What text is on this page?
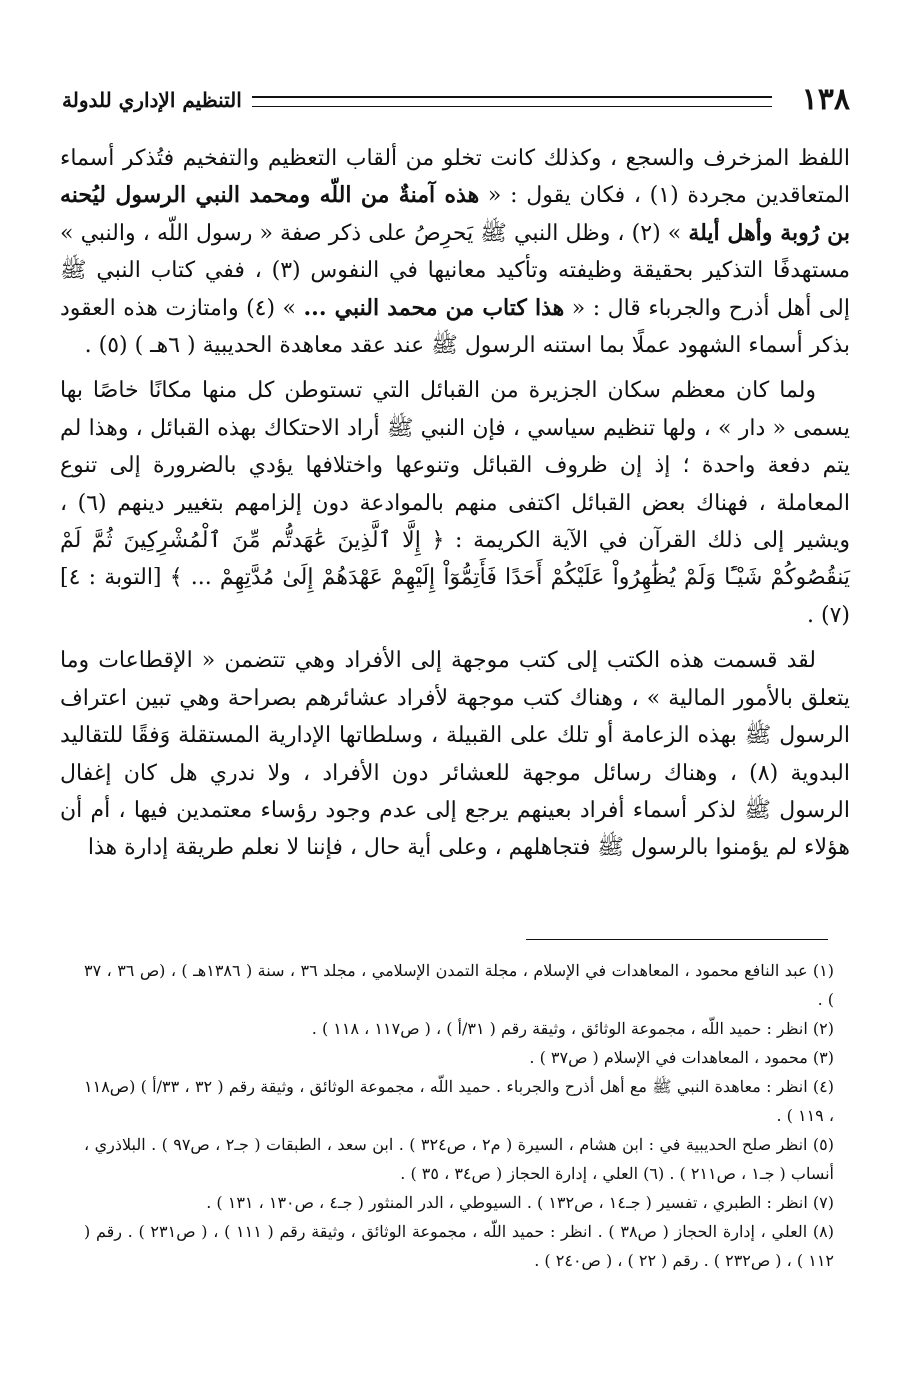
١٣٨
التنظيم الإداري للدولة

اللفظ المزخرف والسجع ، وكذلك كانت تخلو من ألقاب التعظيم والتفخيم فتُذكر أسماء المتعاقدين مجردة (١) ، فكان يقول : « هذه آمنةٌ من اللّه ومحمد النبي الرسول ليُحنه بن رُوبة وأهل أيلة » (٢) ، وظل النبي ﷺ يَحرِصُ على ذكر صفة « رسول اللّه ، والنبي » مستهدفًا التذكير بحقيقة وظيفته وتأكيد معانيها في النفوس (٣) ، ففي كتاب النبي ﷺ إلى أهل أذرح والجرباء قال : « هذا كتاب من محمد النبي ... » (٤) وامتازت هذه العقود بذكر أسماء الشهود عملًا بما استنه الرسول ﷺ عند عقد معاهدة الحديبية ( ٦هـ ) (٥) .

ولما كان معظم سكان الجزيرة من القبائل التي تستوطن كل منها مكانًا خاصًا بها يسمى « دار » ، ولها تنظيم سياسي ، فإن النبي ﷺ أراد الاحتكاك بهذه القبائل ، وهذا لم يتم دفعة واحدة ؛ إذ إن ظروف القبائل وتنوعها واختلافها يؤدي بالضرورة إلى تنوع المعاملة ، فهناك بعض القبائل اكتفى منهم بالموادعة دون إلزامهم بتغيير دينهم (٦) ، ويشير إلى ذلك القرآن في الآية الكريمة : ﴿ إِلَّا ٱلَّذِينَ عَٰهَدتُّم مِّنَ ٱلْمُشْرِكِينَ ثُمَّ لَمْ يَنقُصُوكُمْ شَيْـًٔا وَلَمْ يُظَٰهِرُواْ عَلَيْكُمْ أَحَدًا فَأَتِمُّوٓاْ إِلَيْهِمْ عَهْدَهُمْ إِلَىٰ مُدَّتِهِمْ ... ﴾ [التوبة : ٤] (٧) .

لقد قسمت هذه الكتب إلى كتب موجهة إلى الأفراد وهي تتضمن « الإقطاعات وما يتعلق بالأمور المالية » ، وهناك كتب موجهة لأفراد عشائرهم بصراحة وهي تبين اعتراف الرسول ﷺ بهذه الزعامة أو تلك على القبيلة ، وسلطاتها الإدارية المستقلة وَفقًا للتقاليد البدوية (٨) ، وهناك رسائل موجهة للعشائر دون الأفراد ، ولا ندري هل كان إغفال الرسول ﷺ لذكر أسماء أفراد بعينهم يرجع إلى عدم وجود رؤساء معتمدين فيها ، أم أن هؤلاء لم يؤمنوا بالرسول ﷺ فتجاهلهم ، وعلى أية حال ، فإننا لا نعلم طريقة إدارة هذا

(١) عبد النافع محمود ، المعاهدات في الإسلام ، مجلة التمدن الإسلامي ، مجلد ٣٦ ، سنة ( ١٣٨٦هـ ) ، (ص ٣٦ ، ٣٧ ) .

(٢) انظر : حميد اللّه ، مجموعة الوثائق ، وثيقة رقم ( ٣١/أ ) ، ( ص١١٧ ، ١١٨ ) .

(٣) محمود ، المعاهدات في الإسلام ( ص٣٧ ) .

(٤) انظر : معاهدة النبي ﷺ مع أهل أذرح والجرباء . حميد اللّه ، مجموعة الوثائق ، وثيقة رقم ( ٣٢ ، ٣٣/أ ) (ص١١٨ ، ١١٩ ) .

(٥) انظر صلح الحديبية في : ابن هشام ، السيرة ( م٢ ، ص٣٢٤ ) . ابن سعد ، الطبقات ( جـ٢ ، ص٩٧ ) . البلاذري ، أنساب ( جـ١ ، ص٢١١ ) . (٦) العلي ، إدارة الحجاز ( ص٣٤ ، ٣٥ ) .

(٧) انظر : الطبري ، تفسير ( جـ١٤ ، ص١٣٢ ) . السيوطي ، الدر المنثور ( جـ٤ ، ص١٣٠ ، ١٣١ ) .

(٨) العلي ، إدارة الحجاز ( ص٣٨ ) . انظر : حميد اللّه ، مجموعة الوثائق ، وثيقة رقم ( ١١١ ) ، ( ص٢٣١ ) . رقم ( ١١٢ ) ، ( ص٢٣٢ ) . رقم ( ٢٢ ) ، ( ص٢٤٠ ) .
